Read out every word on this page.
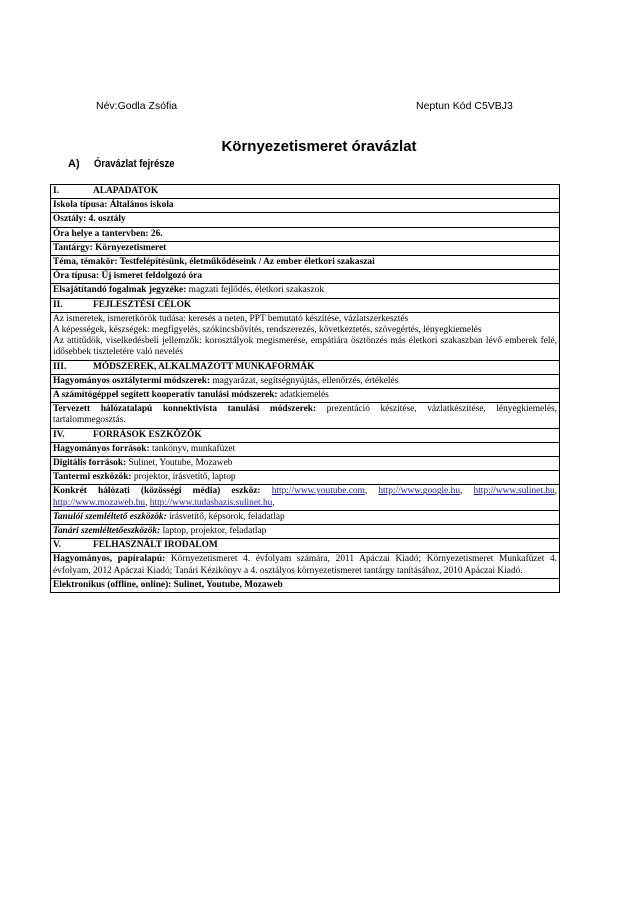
Név:Godla Zsófia	Neptun Kód C5VBJ3
Környezetismeret óravázlat
A) Óravázlat fejrésze
I.	ALAPADATOK
Iskola típusa: Általános iskola
Osztály: 4. osztály
Óra helye a tantervben: 26.
Tantárgy: Környezetismeret
Téma, témakör: Testfelépítésünk, életműködéseink / Az ember életkori szakaszai
Óra típusa: Új ismeret feldolgozó óra
Elsajátítandó fogalmak jegyzéke: magzati fejlődés, életkori szakaszok
II.	FEJLESZTÉSI CÉLOK

Az ismeretek, ismeretkörök tudása: keresés a neten, PPT bemutató készítése, vázlatszerkesztés
A képességek, készségek: megfigyelés, szókincsbővítés, rendszerezés, következtetés, szövegértés, lényegkiemelés
Az attitűdök, viselkedésbeli jellemzők: korosztályok megismerése, empátiára ösztönzés más életkori szakaszban lévő emberek felé, idősebbek tiszteletére való nevelés

III.	MÓDSZEREK, ALKALMAZOTT MUNKAFORMÁK
Hagyományos osztálytermi módszerek: magyarázat, segítségnyújtás, ellenőrzés, értékelés
A számítógéppel segített kooperatív tanulási módszerek: adatkiemelés
Tervezett hálózatalapú konnektivista tanulási módszerek: prezentáció készítése, vázlatkészítése, lényegkiemelés, tartalommegosztás.
IV.	FORRÁSOK ESZKÖZÖK
Hagyományos források: tankönyv, munkafüzet
Digitális források: Sulinet, Youtube, Mozaweb
Tantermi eszközök: projektor, írásvetítő, laptop
Konkrét hálózati (közösségi média) eszköz: http://www.youtube.com, http://www.google.hu, http://www.sulinet.hu, http://www.mozaweb.hu, http://www.tudasbazis.sulinet.hu,
Tanulói szemléltető eszközök: írásvetítő, képsorok, feladatlap
Tanári szemléltetőeszközök: laptop, projektor, feladatlap
V.	FELHASZNÁLT IRODALOM
Hagyományos, papíralapú: Környezetismeret 4. évfolyam számára, 2011 Apáczai Kiadó; Környezetismeret Munkafüzet 4. évfolyam, 2012 Apáczai Kiadó; Tanári Kézikönyv a 4. osztályos környezetismeret tantárgy tanításához, 2010 Apáczai Kiadó.
Elektronikus (offline, online): Sulinet, Youtube, Mozaweb
